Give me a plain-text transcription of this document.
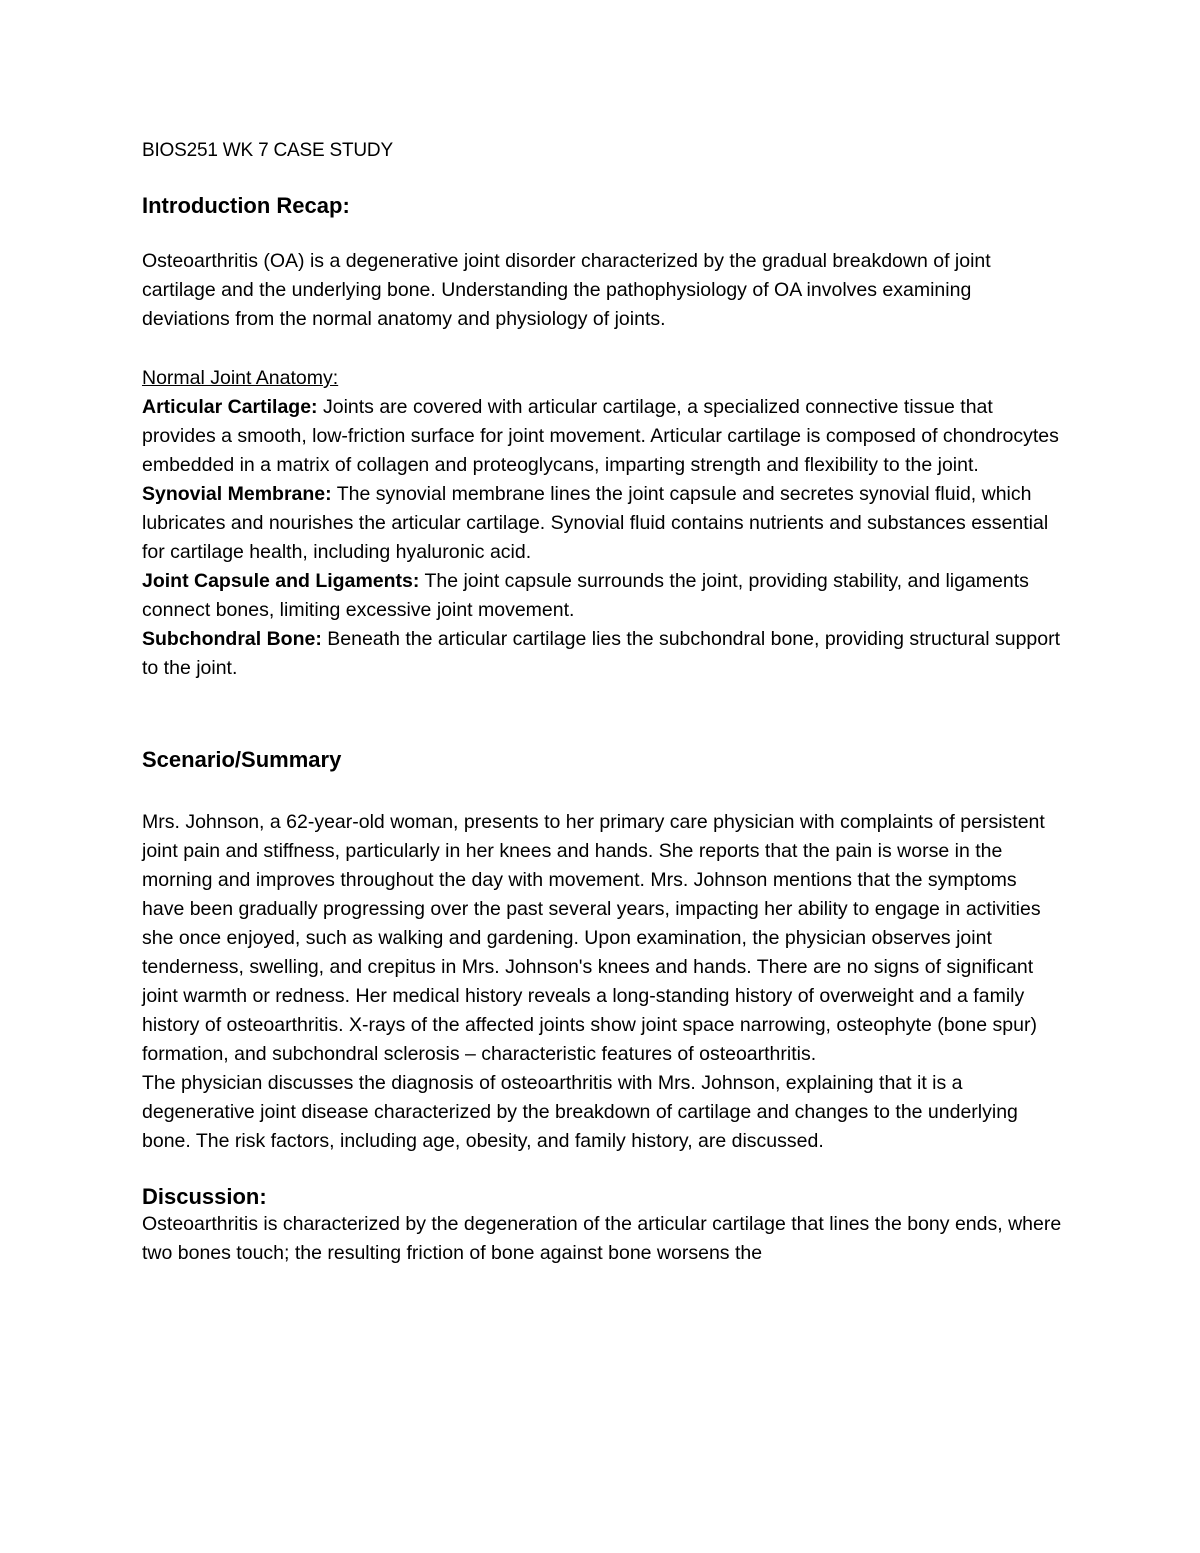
BIOS251 WK 7 CASE STUDY

Introduction Recap:

Osteoarthritis (OA) is a degenerative joint disorder characterized by the gradual breakdown of joint cartilage and the underlying bone. Understanding the pathophysiology of OA involves examining deviations from the normal anatomy and physiology of joints.

Normal Joint Anatomy:

Articular Cartilage: Joints are covered with articular cartilage, a specialized connective tissue that provides a smooth, low-friction surface for joint movement. Articular cartilage is composed of chondrocytes embedded in a matrix of collagen and proteoglycans, imparting strength and flexibility to the joint.

Synovial Membrane: The synovial membrane lines the joint capsule and secretes synovial fluid, which lubricates and nourishes the articular cartilage. Synovial fluid contains nutrients and substances essential for cartilage health, including hyaluronic acid.

Joint Capsule and Ligaments: The joint capsule surrounds the joint, providing stability, and ligaments connect bones, limiting excessive joint movement.

Subchondral Bone: Beneath the articular cartilage lies the subchondral bone, providing structural support to the joint.

Scenario/Summary

Mrs. Johnson, a 62-year-old woman, presents to her primary care physician with complaints of persistent joint pain and stiffness, particularly in her knees and hands. She reports that the pain is worse in the morning and improves throughout the day with movement. Mrs. Johnson mentions that the symptoms have been gradually progressing over the past several years, impacting her ability to engage in activities she once enjoyed, such as walking and gardening. Upon examination, the physician observes joint tenderness, swelling, and crepitus in Mrs. Johnson's knees and hands. There are no signs of significant joint warmth or redness. Her medical history reveals a long-standing history of overweight and a family history of osteoarthritis. X-rays of the affected joints show joint space narrowing, osteophyte (bone spur) formation, and subchondral sclerosis – characteristic features of osteoarthritis.

The physician discusses the diagnosis of osteoarthritis with Mrs. Johnson, explaining that it is a degenerative joint disease characterized by the breakdown of cartilage and changes to the underlying bone. The risk factors, including age, obesity, and family history, are discussed.

Discussion:

Osteoarthritis is characterized by the degeneration of the articular cartilage that lines the bony ends, where two bones touch; the resulting friction of bone against bone worsens the
